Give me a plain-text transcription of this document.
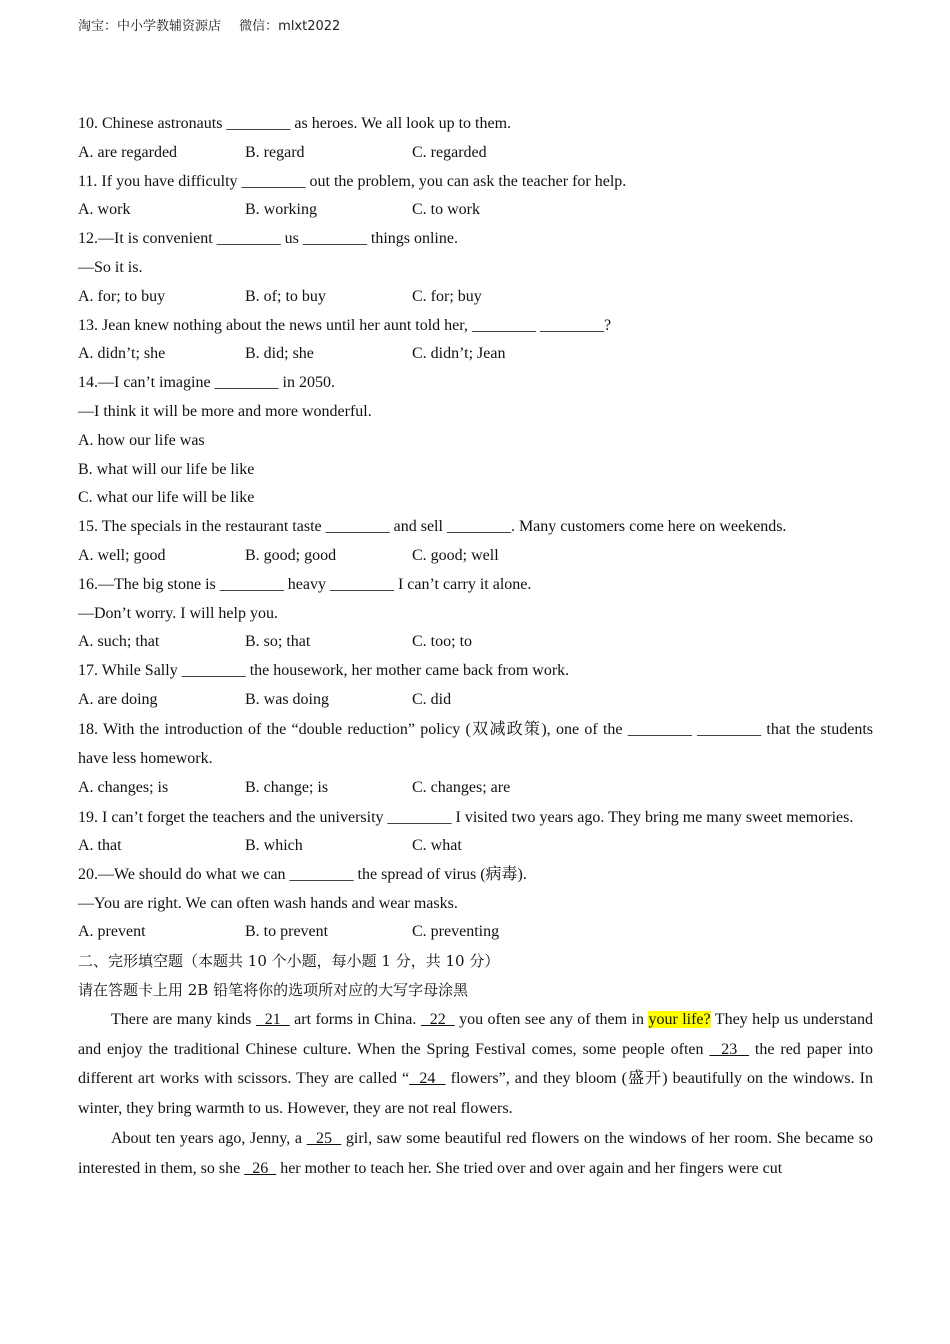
淘宝：中小学教辅资源店 微信：mlxt2022
10. Chinese astronauts ________ as heroes. We all look up to them.
A. are regarded	B. regard	C. regarded
11. If you have difficulty ________ out the problem, you can ask the teacher for help.
A. work	B. working	C. to work
12.—It is convenient ________ us ________ things online.
—So it is.
A. for; to buy	B. of; to buy	C. for; buy
13. Jean knew nothing about the news until her aunt told her, ________ ________?
A. didn’t; she	B. did; she	C. didn’t; Jean
14.—I can’t imagine ________ in 2050.
—I think it will be more and more wonderful.
A. how our life was
B. what will our life be like
C. what our life will be like
15. The specials in the restaurant taste ________ and sell ________. Many customers come here on weekends.
A. well; good	B. good; good	C. good; well
16.—The big stone is ________ heavy ________ I can’t carry it alone.
—Don’t worry. I will help you.
A. such; that	B. so; that	C. too; to
17. While Sally ________ the housework, her mother came back from work.
A. are doing	B. was doing	C. did
18. With the introduction of the “double reduction” policy (双减政策), one of the ________ ________ that the students have less homework.
A. changes; is	B. change; is	C. changes; are
19. I can’t forget the teachers and the university ________ I visited two years ago. They bring me many sweet memories.
A. that	B. which	C. what
20.—We should do what we can ________ the spread of virus (病毒).
—You are right. We can often wash hands and wear masks.
A. prevent	B. to prevent	C. preventing
二、完形填空题（本题共 10 个小题，每小题 1 分，共 10 分）
请在答题卡上用 2B 铅笔将你的选项所对应的大写字母涂黑
There are many kinds   21   art forms in China.   22   you often see any of them in your life? They help us understand and enjoy the traditional Chinese culture. When the Spring Festival comes, some people often   23   the red paper into different art works with scissors. They are called “  24   flowers”, and they bloom (盛开) beautifully on the windows. In winter, they bring warmth to us. However, they are not real flowers.
About ten years ago, Jenny, a   25   girl, saw some beautiful red flowers on the windows of her room. She became so interested in them, so she   26   her mother to teach her. She tried over and over again and her fingers were cut
